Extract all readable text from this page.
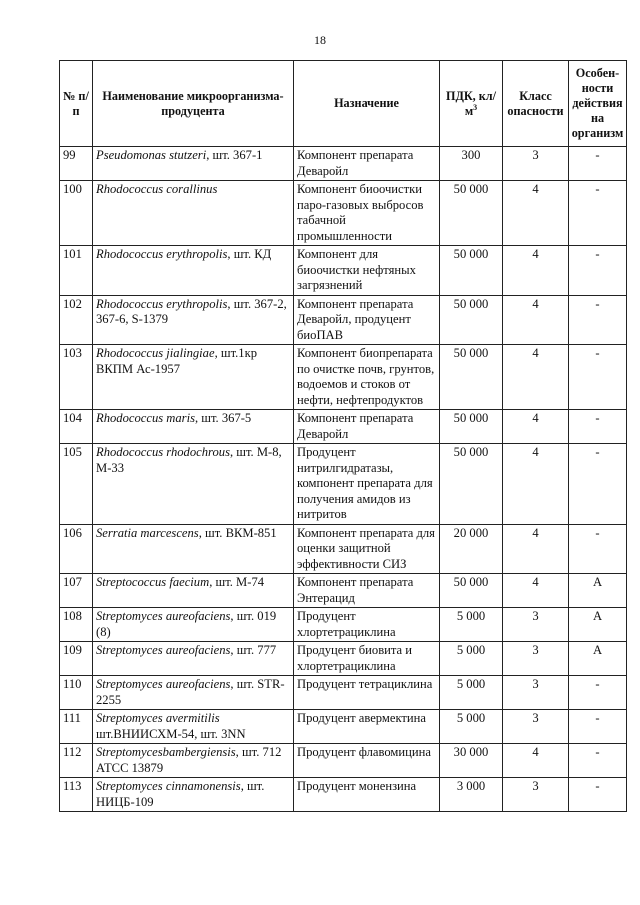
18
№ п/п	Наименование микроорганизма-продуцента	Назначение	ПДК, $кл/м^3$	Класс опасности	Особен-ности действия на организм
99	Pseudomonas stutzeri, шт. 367-1	Компонент препарата Деваройл	300	3	-
100	Rhodococcus corallinus	Компонент биоочистки паро-газовых выбросов табачной промышленности	50 000	4	-
101	Rhodococcus erythropolis, шт. КД	Компонент для биоочистки нефтяных загрязнений	50 000	4	-
102	Rhodococcus erythropolis, шт. 367-2, 367-6, S-1379	Компонент препарата Деваройл, продуцент биоПАВ	50 000	4	-
103	Rhodococcus jialingiae, шт.1кр ВКПМ Ас-1957	Компонент биопрепарата по очистке почв, грунтов, водоемов и стоков от нефти, нефтепродуктов	50 000	4	-
104	Rhodococcus maris, шт. 367-5	Компонент препарата Деваройл	50 000	4	-
105	Rhodococcus rhodochrous, шт. М-8, М-33	Продуцент нитрилгидратазы, компонент препарата для получения амидов из нитритов	50 000	4	-
106	Serratia marcescens, шт. ВКМ-851	Компонент препарата для оценки защитной эффективности СИЗ	20 000	4	-
107	Streptococcus faecium, шт. М-74	Компонент препарата Энтерацид	50 000	4	А
108	Streptomyces aureofaciens, шт. 019 (8)	Продуцент хлортетрациклина	5 000	3	А
109	Streptomyces aureofaciens, шт. 777	Продуцент биовита и хлортетрациклина	5 000	3	А
110	Streptomyces aureofaciens, шт. STR-2255	Продуцент тетрациклина	5 000	3	-
111	Streptomyces avermitilis шт.ВНИИСХМ-54, шт. 3NN	Продуцент авермектина	5 000	3	-
112	Streptomycesbambergiensis, шт. 712 АТСС 13879	Продуцент флавомицина	30 000	4	-
113	Streptomyces cinnamonensis, шт. НИЦБ-109	Продуцент монензина	3 000	3	-
